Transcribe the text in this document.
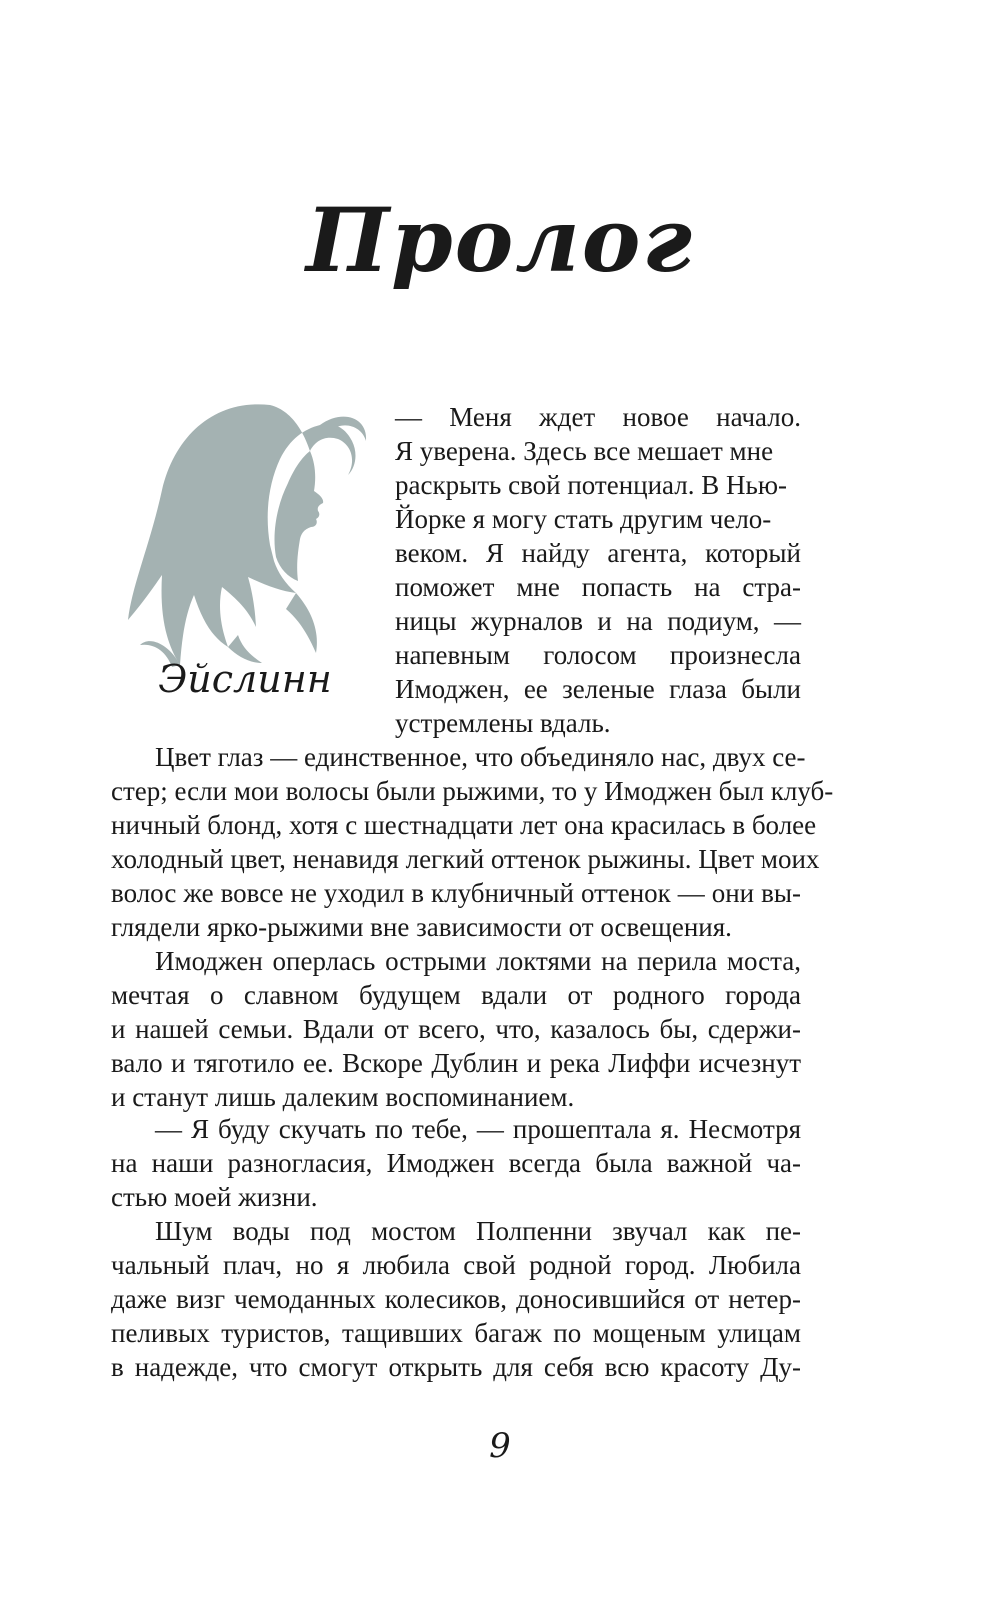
Пролог
Эйслинн
— Меня ждет новое начало.
Я уверена. Здесь все мешает мне
раскрыть свой потенциал. В Нью-
Йорке я могу стать другим чело-
веком. Я найду агента, который
поможет мне попасть на стра-
ницы журналов и на подиум, —
напевным голосом произнесла
Имоджен, ее зеленые глаза были
устремлены вдаль.
Цвет глаз — единственное, что объединяло нас, двух се-
стер; если мои волосы были рыжими, то у Имоджен был клуб-
ничный блонд, хотя с шестнадцати лет она красилась в более
холодный цвет, ненавидя легкий оттенок рыжины. Цвет моих
волос же вовсе не уходил в клубничный оттенок — они вы-
глядели ярко-рыжими вне зависимости от освещения.
Имоджен оперлась острыми локтями на перила моста,
мечтая о славном будущем вдали от родного города
и нашей семьи. Вдали от всего, что, казалось бы, сдержи-
вало и тяготило ее. Вскоре Дублин и река Лиффи исчезнут
и станут лишь далеким воспоминанием.
— Я буду скучать по тебе, — прошептала я. Несмотря
на наши разногласия, Имоджен всегда была важной ча-
стью моей жизни.
Шум воды под мостом Полпенни звучал как пе-
чальный плач, но я любила свой родной город. Любила
даже визг чемоданных колесиков, доносившийся от нетер-
пеливых туристов, тащивших багаж по мощеным улицам
в надежде, что смогут открыть для себя всю красоту Ду-
9
